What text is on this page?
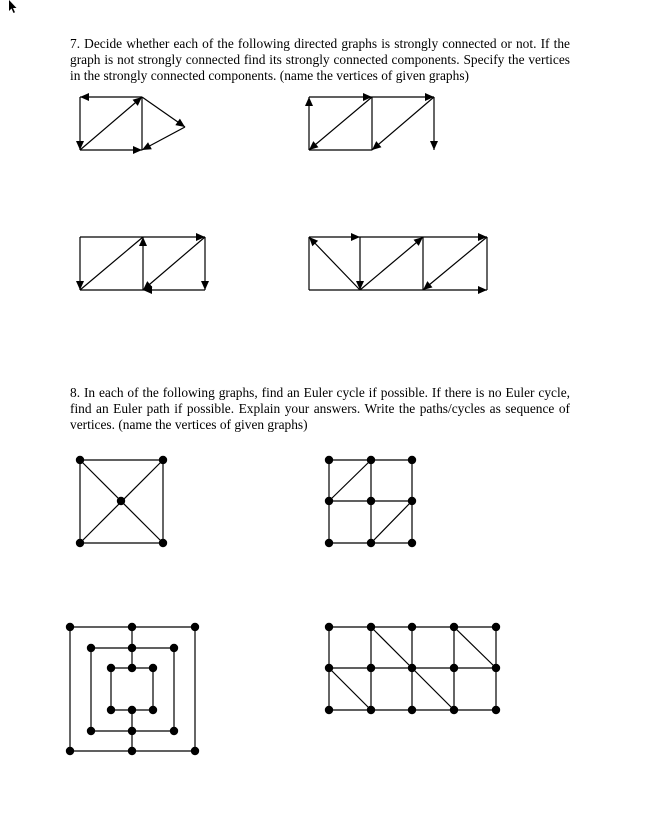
7. Decide whether each of the following directed graphs is strongly connected or not. If the graph is not strongly connected find its strongly connected components. Specify the vertices in the strongly connected components. (name the vertices of given graphs)

8. In each of the following graphs, find an Euler cycle if possible. If there is no Euler cycle, find an Euler path if possible. Explain your answers. Write the paths/cycles as sequence of vertices. (name the vertices of given graphs)
